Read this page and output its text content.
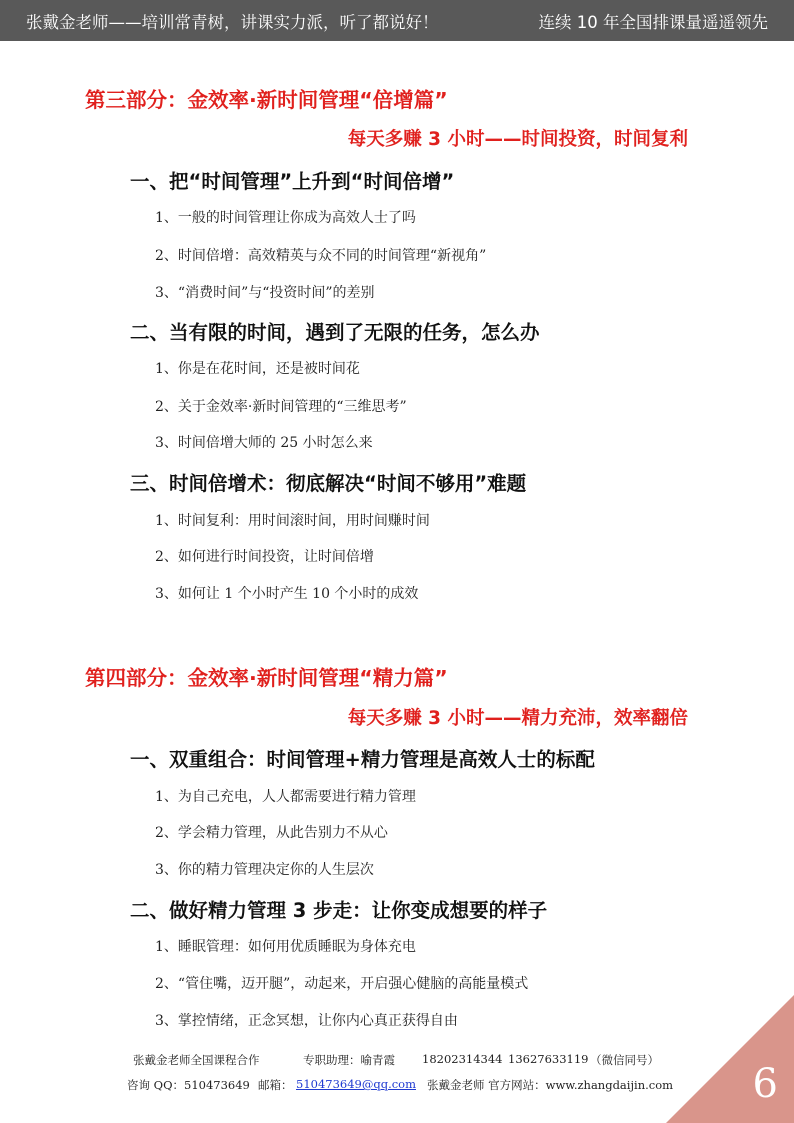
张戴金老师——培训常青树，讲课实力派，听了都说好！	连续 10 年全国排课量遥遥领先
第三部分：金效率·新时间管理“倍增篇”
每天多赚 3 小时——时间投资，时间复利
一、把“时间管理”上升到“时间倍增”
1、一般的时间管理让你成为高效人士了吗
2、时间倍增：高效精英与众不同的时间管理“新视角”
3、“消费时间”与“投资时间”的差别
二、当有限的时间，遇到了无限的任务，怎么办
1、你是在花时间，还是被时间花
2、关于金效率·新时间管理的“三维思考”
3、时间倍增大师的 25 小时怎么来
三、时间倍增术：彻底解决“时间不够用”难题
1、时间复利：用时间滚时间，用时间赚时间
2、如何进行时间投资，让时间倍增
3、如何让 1 个小时产生 10 个小时的成效
第四部分：金效率·新时间管理“精力篇”
每天多赚 3 小时——精力充沛，效率翻倍
一、双重组合：时间管理+精力管理是高效人士的标配
1、为自己充电，人人都需要进行精力管理
2、学会精力管理，从此告别力不从心
3、你的精力管理决定你的人生层次
二、做好精力管理 3 步走：让你变成想要的样子
1、睡眠管理：如何用优质睡眠为身体充电
2、“管住嘴，迈开腿”，动起来，开启强心健脑的高能量模式
3、掌控情绪，正念冥想，让你内心真正获得自由
张戴金老师全国课程合作	专职助理：喻青霞 18202314344 13627633119 （微信同号）
咨询 QQ：510473649 邮箱： 510473649@qq.com 张戴金老师 官方网站：www.zhangdaijin.com 6
